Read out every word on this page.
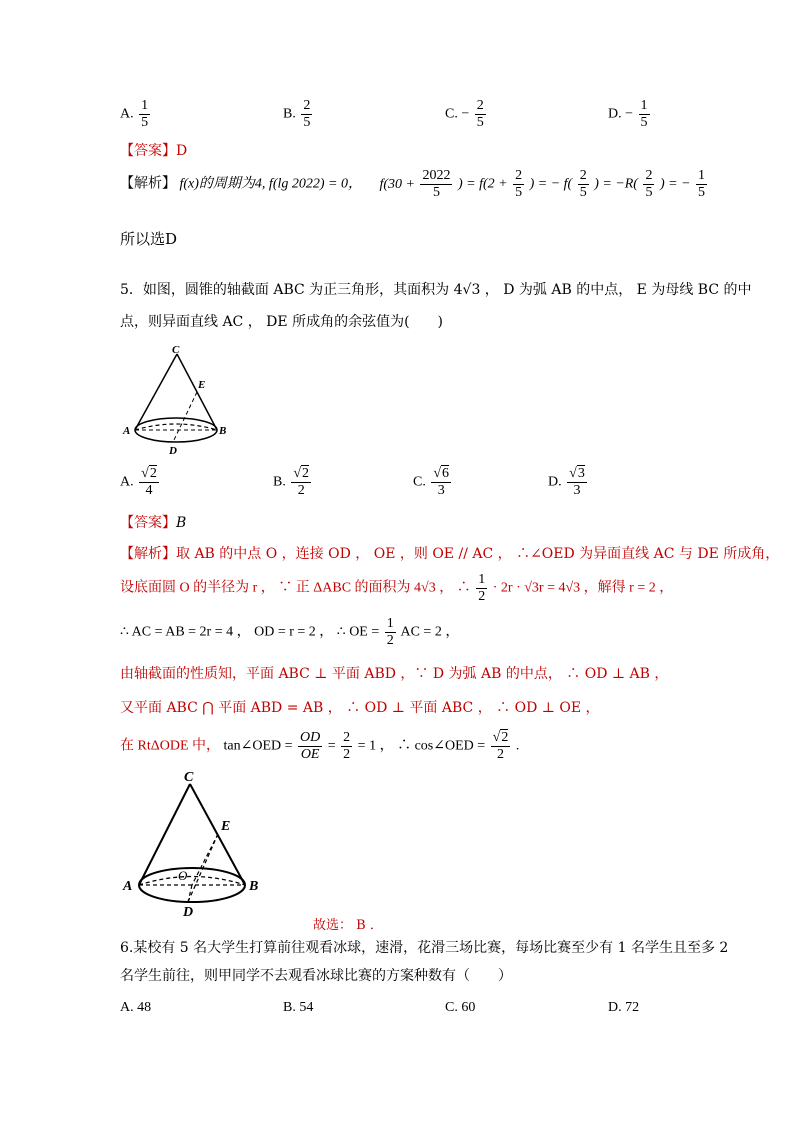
A. $\frac{1}{5}$	B. $\frac{2}{5}$	C. − $\frac{2}{5}$	D. − $\frac{1}{5}$
【答案】D
【解析】 f(x)的周期为4, f(lg 2022) = 0， $f(30 + \frac{2022}{5}$ ) = $f(2 + \frac{2}{5}$ ) = − $f( \frac{2}{5}$ ) = $-R( \frac{2}{5}$ ) = − $\frac{1}{5}$
所以选D
5．如图，圆锥的轴截面 ABC 为正三角形，其面积为 4√3 ， D 为弧 AB 的中点， E 为母线 BC 的中
点，则异面直线 AC ， DE 所成角的余弦值为(　　)
C
E
A	B
D
A. $\frac{√2}{4}$	B. $\frac{√2}{2}$	C. $\frac{√6}{3}$	D. $\frac{√3}{3}$
【答案】B
【解析】取 AB 的中点 O ，连接 OD ， OE ，则 OE // AC ， ∴∠OED 为异面直线 AC 与 DE 所成角，
设底面圆 O 的半径为 r ， ∵ 正 ΔABC 的面积为 4√3 ， ∴ $\frac{1}{2} \cdot 2r \cdot √3r = 4√3$ ，解得 r = 2 ，
∴ AC = AB = 2r = 4 ， OD = r = 2 ， ∴ OE = $\frac{1}{2}$ AC = 2 ，
由轴截面的性质知，平面 ABC ⊥ 平面 ABD ，∵ D 为弧 AB 的中点， ∴ OD ⊥ AB ，
又平面 ABC ⋂ 平面 ABD = AB ， ∴ OD ⊥ 平面 ABC ， ∴ OD ⊥ OE ，
在 RtΔODE 中， tan∠OED = $\frac{OD}{OE} = \frac{2}{2} = 1$ ， ∴ cos∠OED = $\frac{√2}{2}$ .
C
E
A	B
O
D
故选： B ．
6.某校有 5 名大学生打算前往观看冰球，速滑，花滑三场比赛，每场比赛至少有 1 名学生且至多 2
名学生前往，则甲同学不去观看冰球比赛的方案种数有（　　）
A. 48	B. 54	C. 60	D. 72
